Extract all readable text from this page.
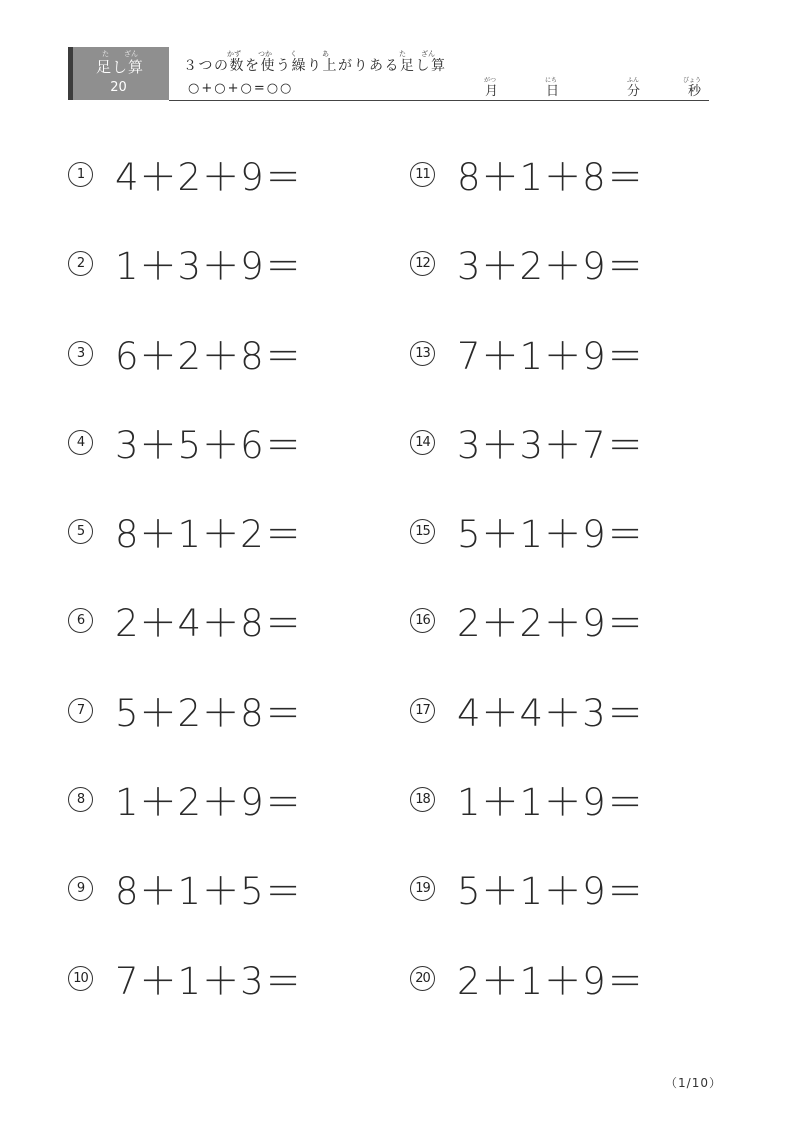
た ざん
足し算
20
かず つか	く	あ	た ざん
３つの数を使う繰り上がりある足し算
○+○+○=○○
がつ
月
にち
日
ふん
分
びょう
秒
1 4＋2＋9＝
2 1＋3＋9＝
3 6＋2＋8＝
4 3＋5＋6＝
5 8＋1＋2＝
6 2＋4＋8＝
7 5＋2＋8＝
8 1＋2＋9＝
9 8＋1＋5＝
10 7＋1＋3＝
11 8＋1＋8＝
12 3＋2＋9＝
13 7＋1＋9＝
14 3＋3＋7＝
15 5＋1＋9＝
16 2＋2＋9＝
17 4＋4＋3＝
18 1＋1＋9＝
19 5＋1＋9＝
20 2＋1＋9＝
（1/10）
